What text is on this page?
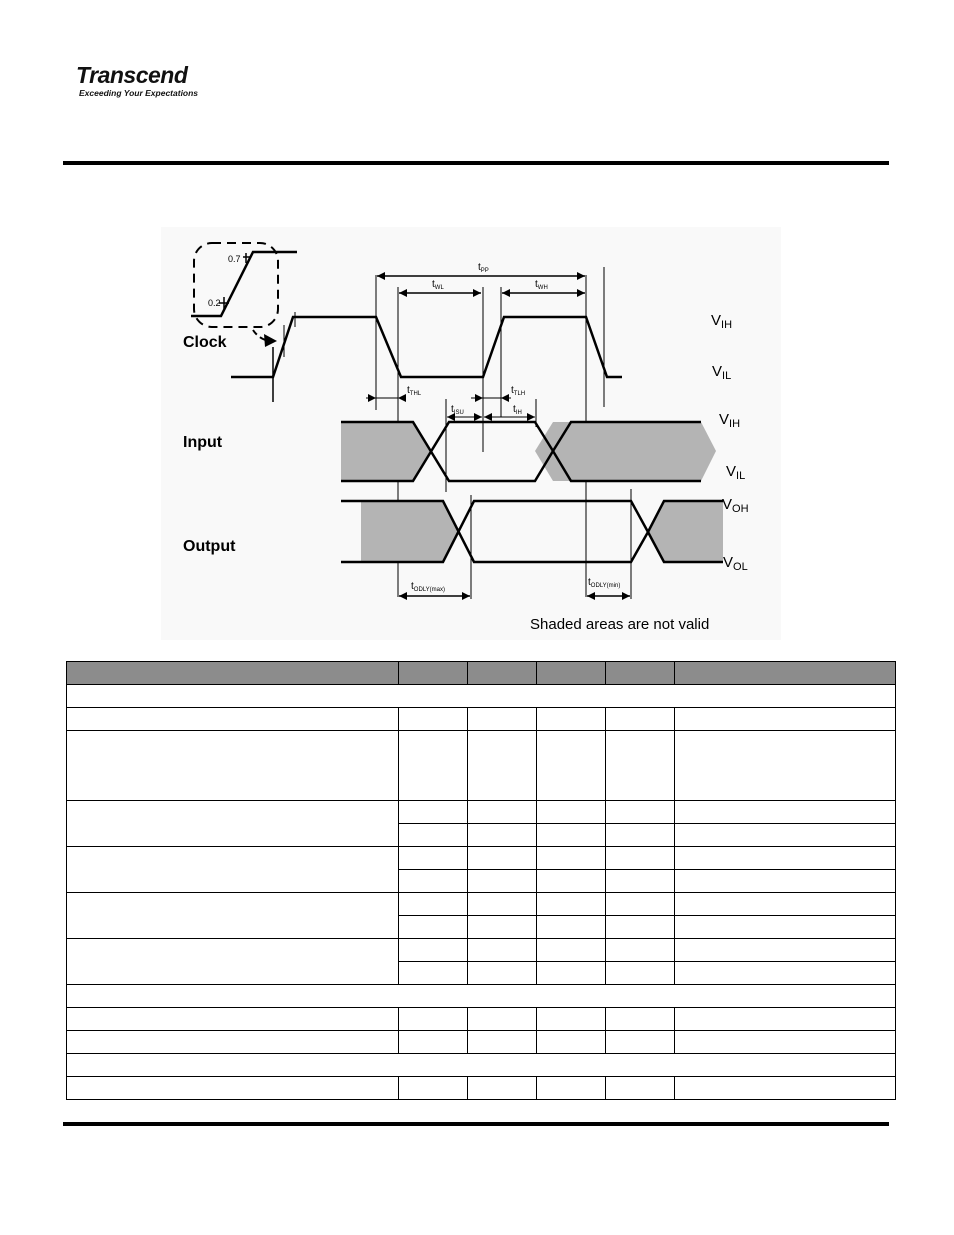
Transcend
Exceeding Your Expectations
0.7
0.2
Clock
$t_{PP}$
$t_{WL}$	$t_{WH}$
$t_{THL}$	$t_{TLH}$
$t_{ISU}$	$t_{IH}$
Input
Output
$t_{ODLY(max)}$
$t_{ODLY(min)}$
$V_{IH}$
$V_{IL}$
$V_{IH}$
$V_{IL}$
$V_{OH}$
$V_{OL}$
Shaded areas are not valid
